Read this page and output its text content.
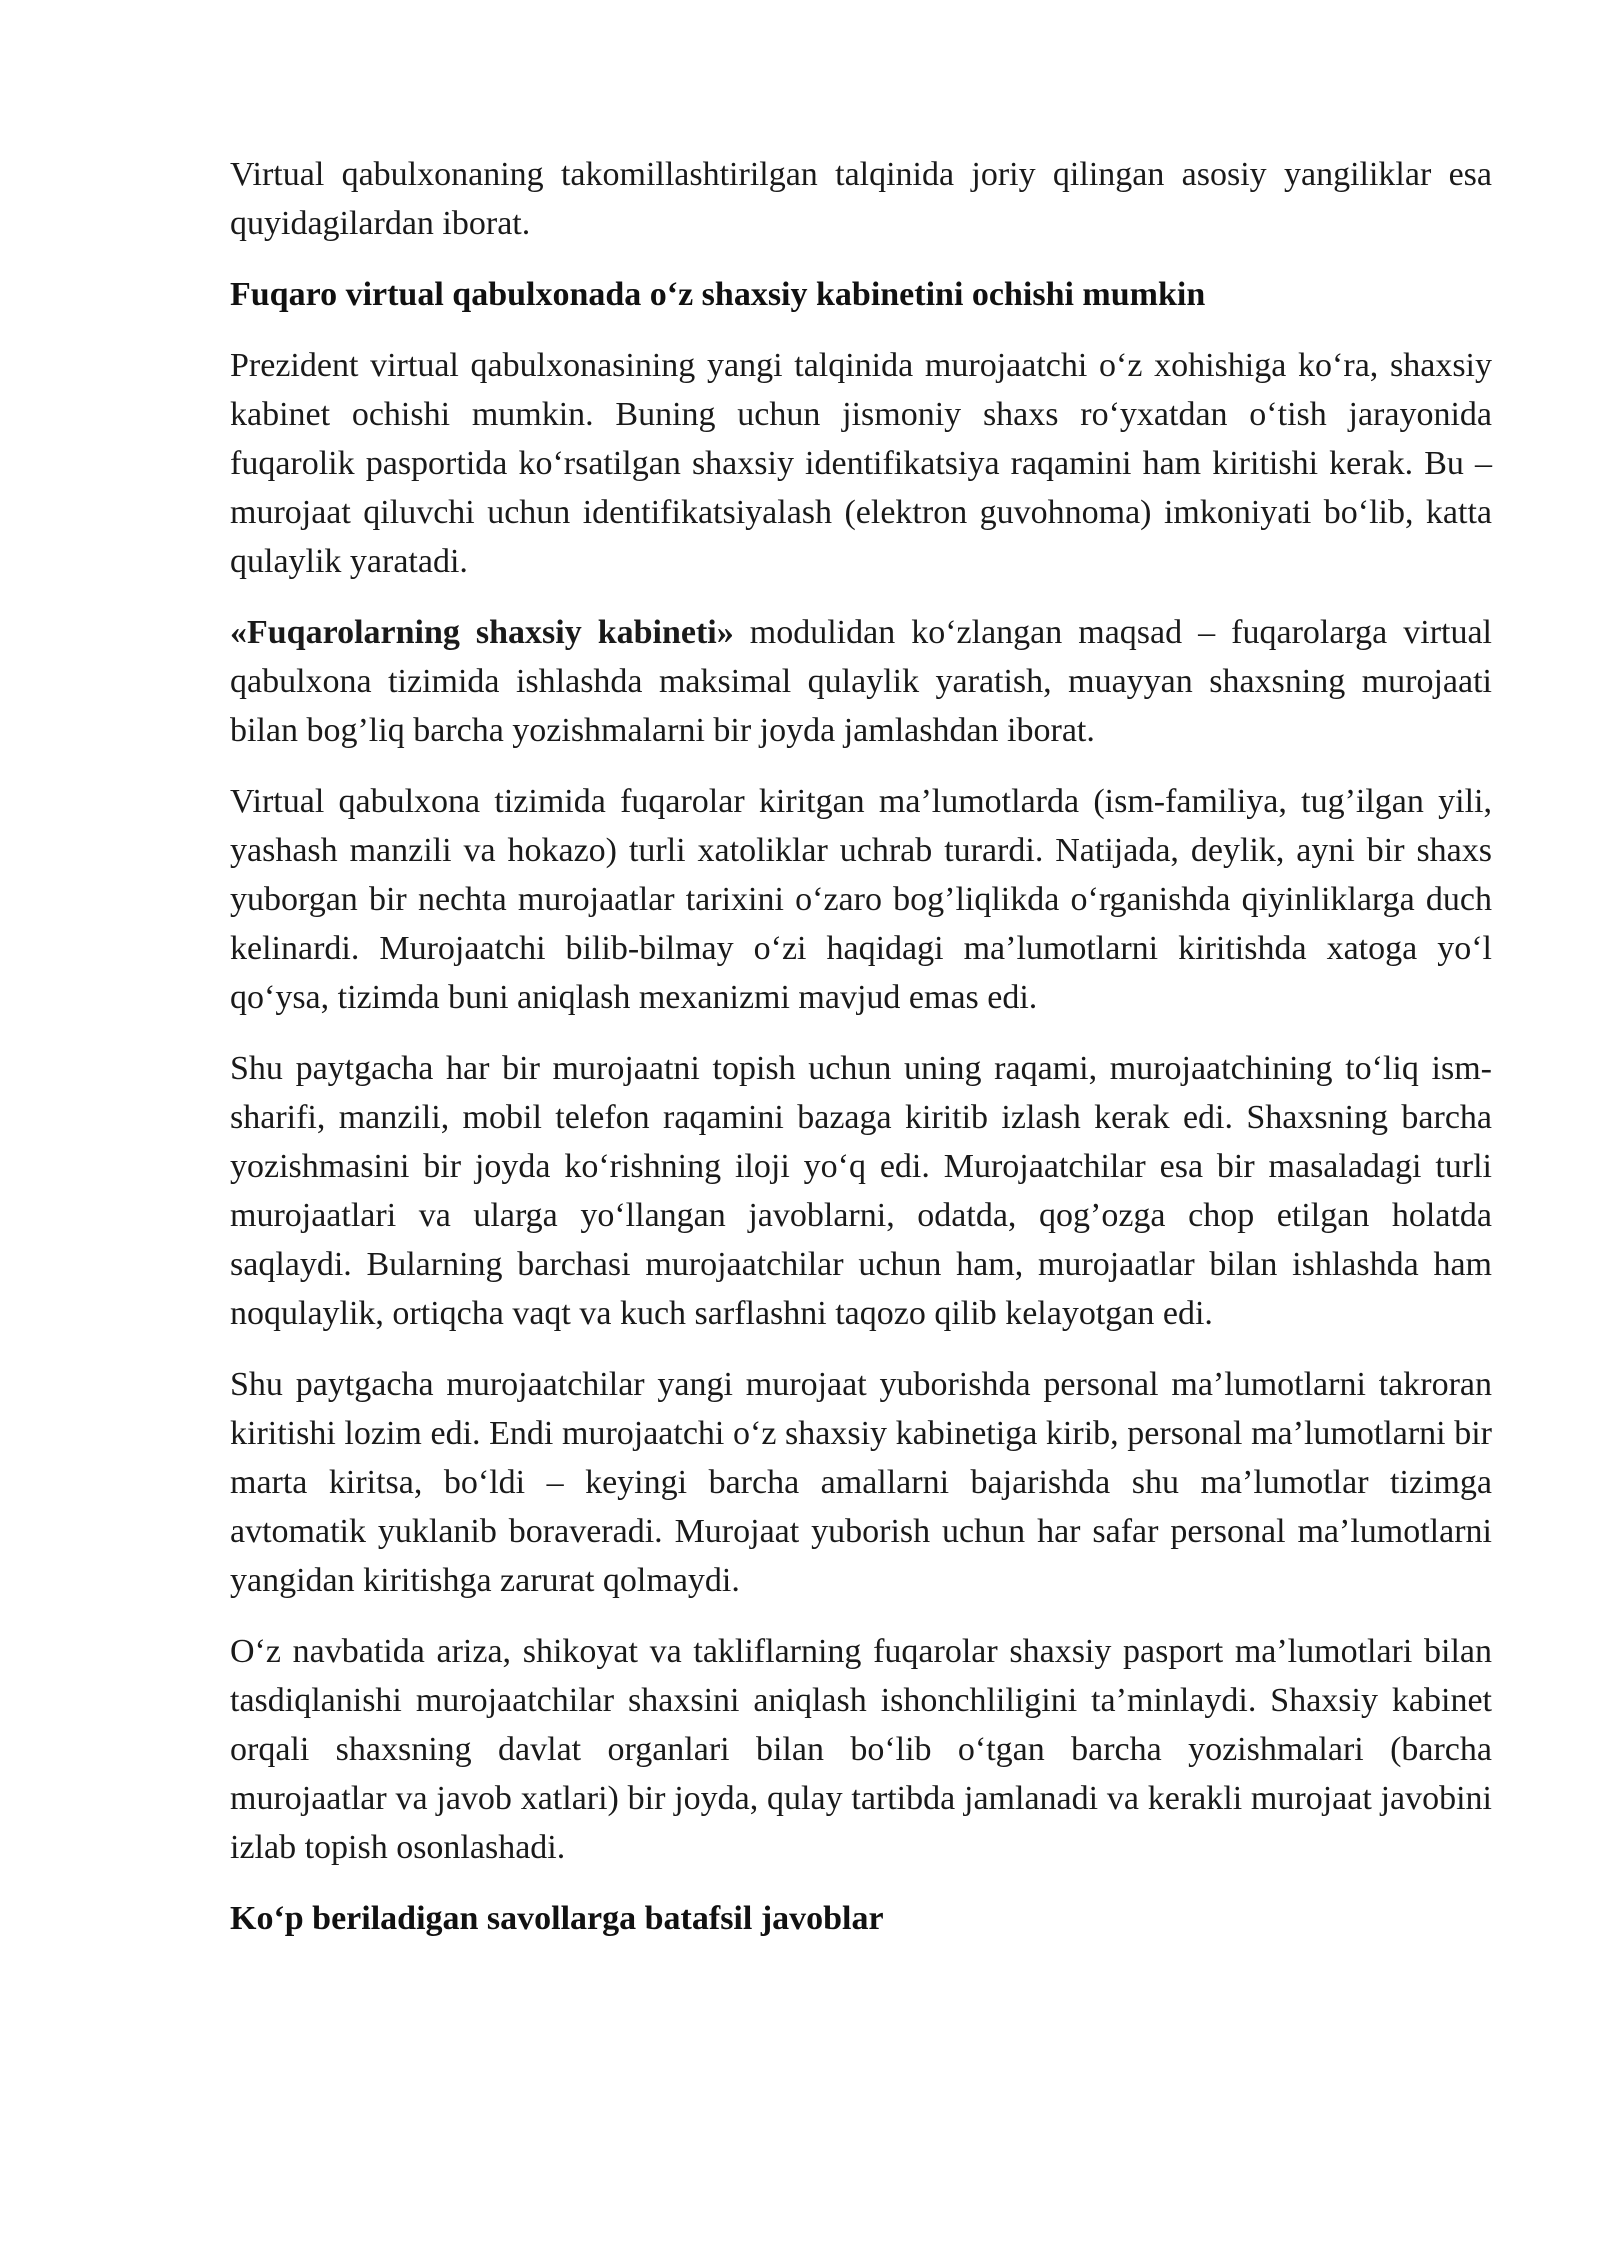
Virtual qabulxonaning takomillashtirilgan talqinida joriy qilingan asosiy yangiliklar esa quyidagilardan iborat.

Fuqaro virtual qabulxonada o‘z shaxsiy kabinetini ochishi mumkin

Prezident virtual qabulxonasining yangi talqinida murojaatchi o‘z xohishiga ko‘ra, shaxsiy kabinet ochishi mumkin. Buning uchun jismoniy shaxs ro‘yxatdan o‘tish jarayonida fuqarolik pasportida ko‘rsatilgan shaxsiy identifikatsiya raqamini ham kiritishi kerak. Bu – murojaat qiluvchi uchun identifikatsiyalash (elektron guvohnoma) imkoniyati bo‘lib, katta qulaylik yaratadi.

«Fuqarolarning shaxsiy kabineti» modulidan ko‘zlangan maqsad – fuqarolarga virtual qabulxona tizimida ishlashda maksimal qulaylik yaratish, muayyan shaxsning murojaati bilan bog’liq barcha yozishmalarni bir joyda jamlashdan iborat.

Virtual qabulxona tizimida fuqarolar kiritgan ma’lumotlarda (ism-familiya, tug’ilgan yili, yashash manzili va hokazo) turli xatoliklar uchrab turardi. Natijada, deylik, ayni bir shaxs yuborgan bir nechta murojaatlar tarixini o‘zaro bog’liqlikda o‘rganishda qiyinliklarga duch kelinardi. Murojaatchi bilib-bilmay o‘zi haqidagi ma’lumotlarni kiritishda xatoga yo‘l qo‘ysa, tizimda buni aniqlash mexanizmi mavjud emas edi.

Shu paytgacha har bir murojaatni topish uchun uning raqami, murojaatchining to‘liq ism-sharifi, manzili, mobil telefon raqamini bazaga kiritib izlash kerak edi. Shaxsning barcha yozishmasini bir joyda ko‘rishning iloji yo‘q edi. Murojaatchilar esa bir masaladagi turli murojaatlari va ularga yo‘llangan javoblarni, odatda, qog’ozga chop etilgan holatda saqlaydi. Bularning barchasi murojaatchilar uchun ham, murojaatlar bilan ishlashda ham noqulaylik, ortiqcha vaqt va kuch sarflashni taqozo qilib kelayotgan edi.

Shu paytgacha murojaatchilar yangi murojaat yuborishda personal ma’lumotlarni takroran kiritishi lozim edi. Endi murojaatchi o‘z shaxsiy kabinetiga kirib, personal ma’lumotlarni bir marta kiritsa, bo‘ldi – keyingi barcha amallarni bajarishda shu ma’lumotlar tizimga avtomatik yuklanib boraveradi. Murojaat yuborish uchun har safar personal ma’lumotlarni yangidan kiritishga zarurat qolmaydi.

O‘z navbatida ariza, shikoyat va takliflarning fuqarolar shaxsiy pasport ma’lumotlari bilan tasdiqlanishi murojaatchilar shaxsini aniqlash ishonchliligini ta’minlaydi. Shaxsiy kabinet orqali shaxsning davlat organlari bilan bo‘lib o‘tgan barcha yozishmalari (barcha murojaatlar va javob xatlari) bir joyda, qulay tartibda jamlanadi va kerakli murojaat javobini izlab topish osonlashadi.

Ko‘p beriladigan savollarga batafsil javoblar
